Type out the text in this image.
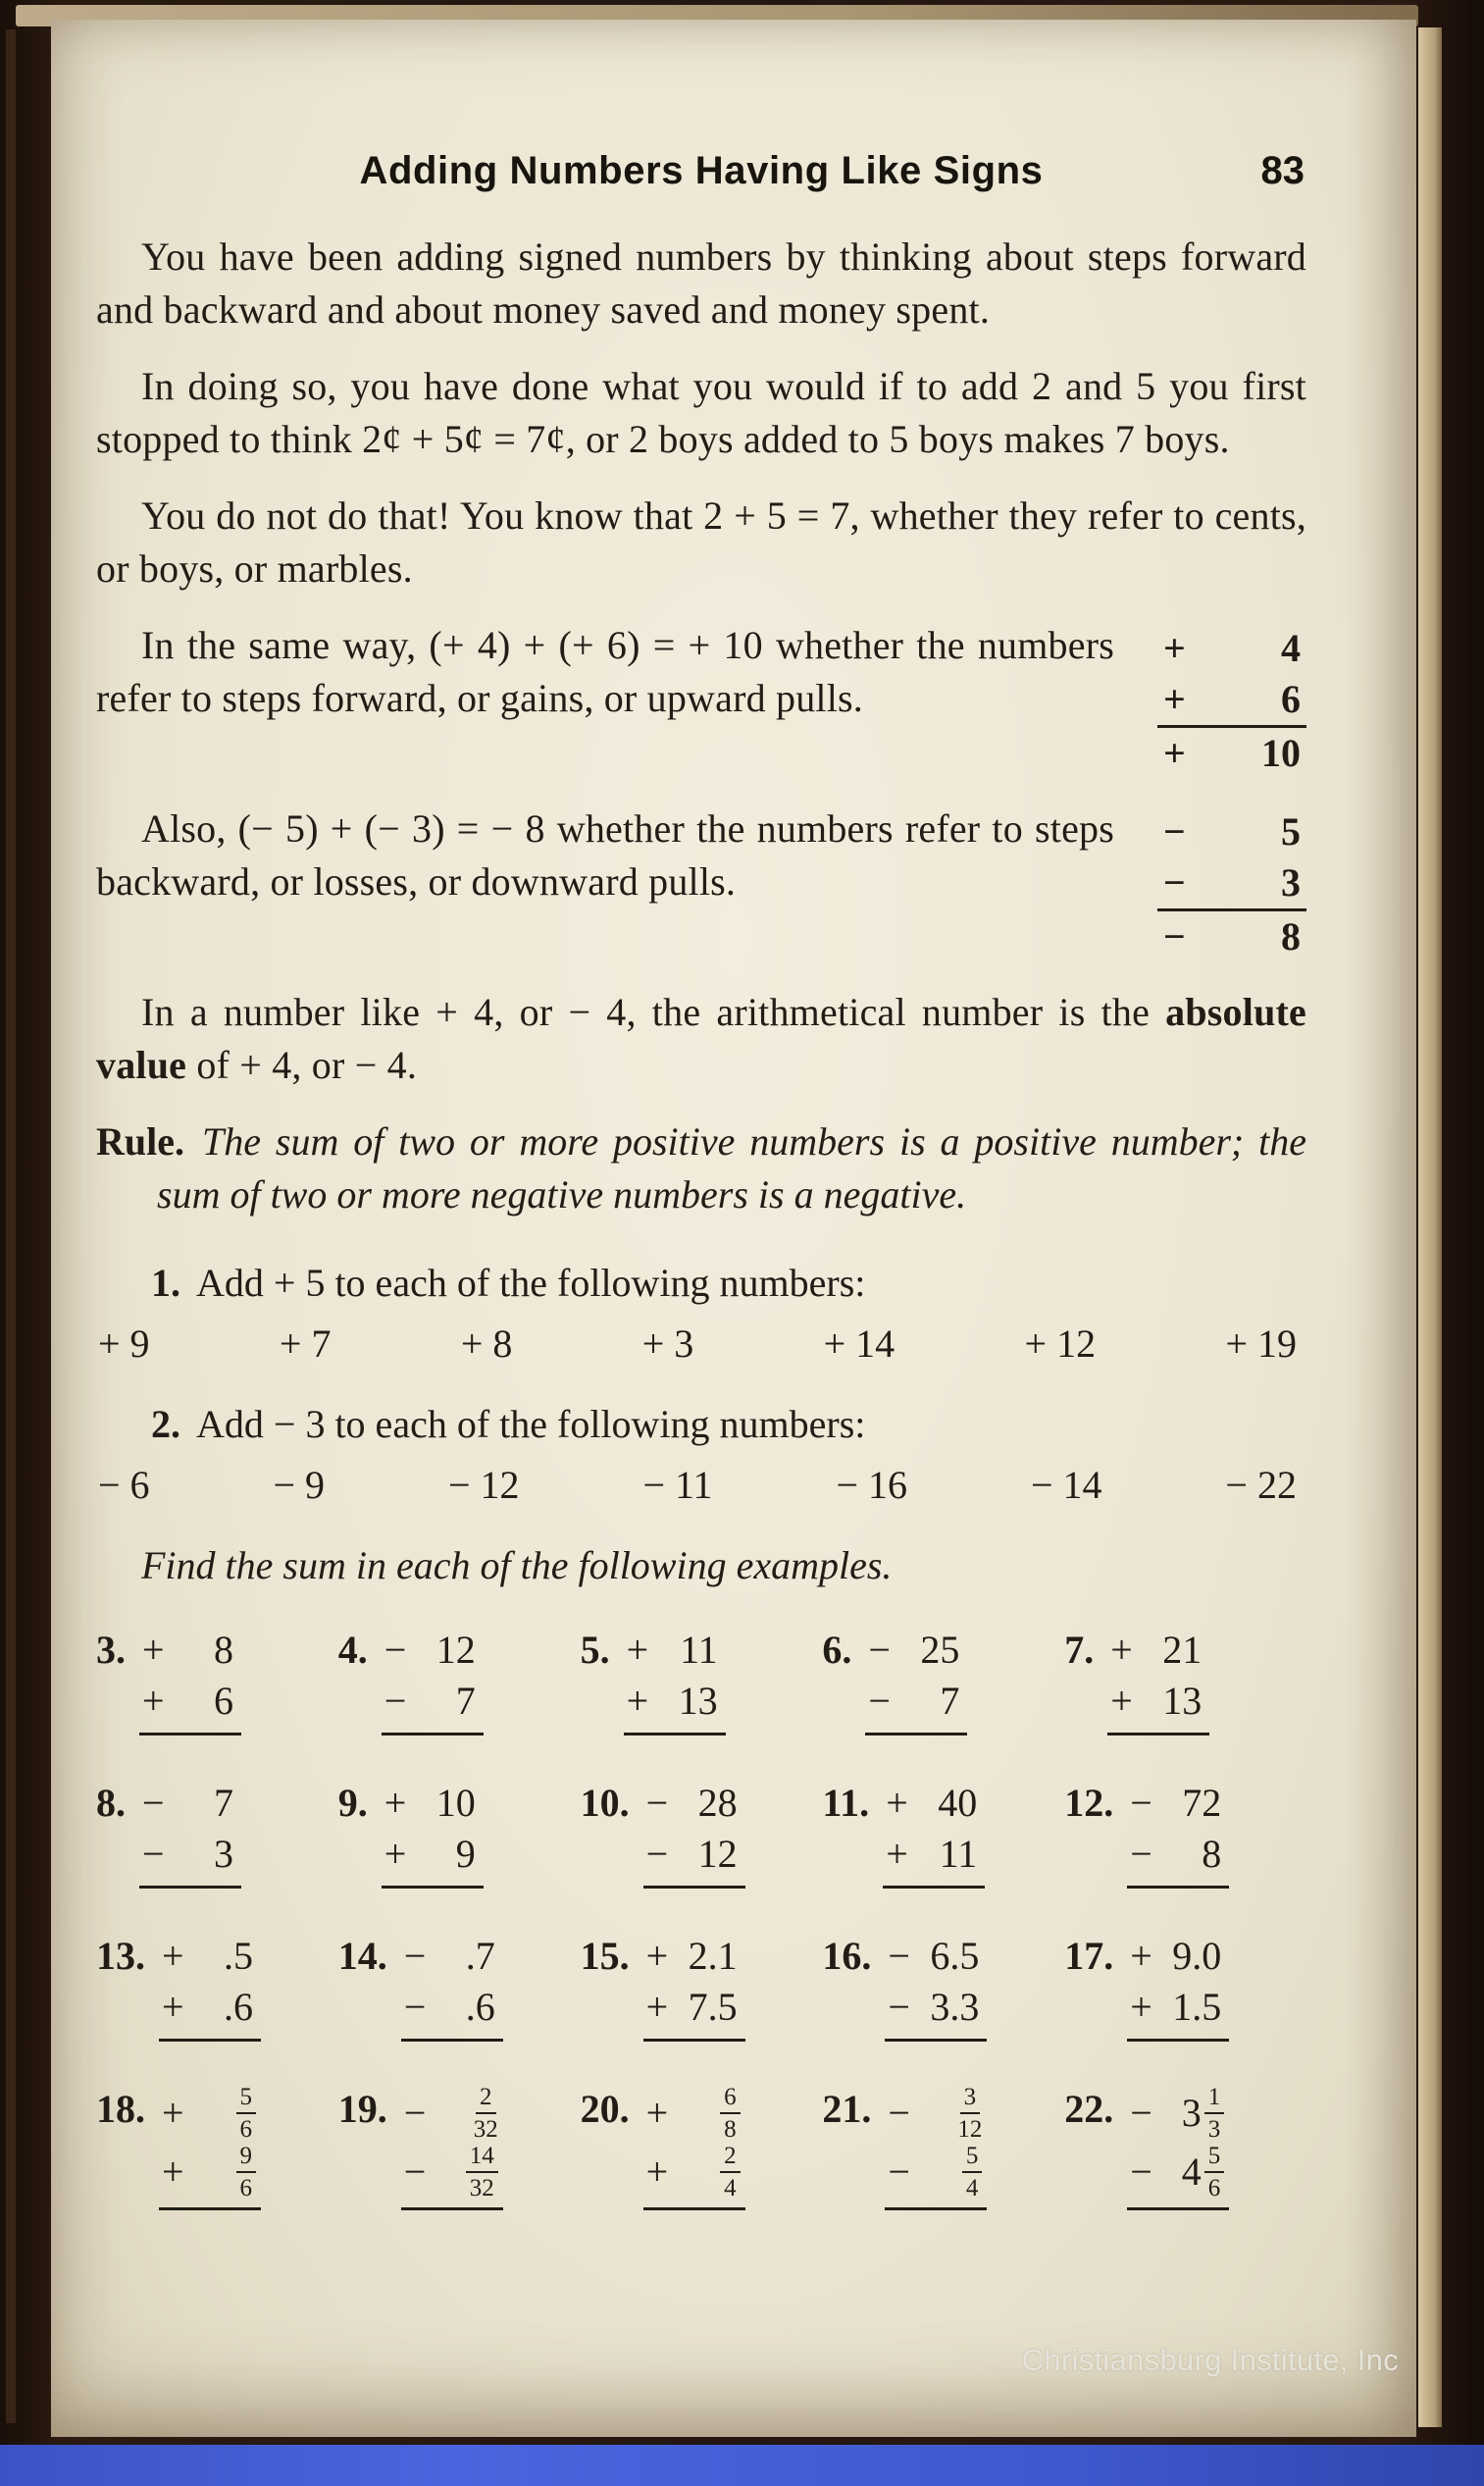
Adding Numbers Having Like Signs	83

You have been adding signed numbers by thinking about steps forward and backward and about money saved and money spent.

In doing so, you have done what you would if to add 2 and 5 you first stopped to think 2¢ + 5¢ = 7¢, or 2 boys added to 5 boys makes 7 boys.

You do not do that! You know that 2 + 5 = 7, whether they refer to cents, or boys, or marbles.

In the same way, (+ 4) + (+ 6) = + 10 whether the numbers refer to steps forward, or gains, or upward pulls.

+ 4
+ 6
+ 10

Also, (− 5) + (− 3) = − 8 whether the numbers refer to steps backward, or losses, or downward pulls.

− 5
− 3
− 8

In a number like + 4, or − 4, the arithmetical number is the absolute value of + 4, or − 4.

Rule. The sum of two or more positive numbers is a positive number; the sum of two or more negative numbers is a negative.
1. Add + 5 to each of the following numbers:
+ 9	+ 7	+ 8	+ 3	+ 14	+ 12	+ 19
2. Add − 3 to each of the following numbers:
− 6	− 9	− 12	− 11	− 16	− 14	− 22

Find the sum in each of the following examples.

3. + 8
+ 6
4. − 12
− 7
5. + 11
+ 13
6. − 25
− 7
7. + 21
+ 13
8. − 7
− 3
9. + 10
+ 9
10. − 28
− 12
11. + 40
+ 11
12. − 72
− 8
13. + .5
+ .6
14. − .7
− .6
15. + 2.1
+ 7.5
16. − 6.5
− 3.3
17. + 9.0
+ 1.5
18. + $\frac{5}{6}$
+ $\frac{9}{6}$
19. − $\frac{2}{32}$
− $\frac{14}{32}$
20. + $\frac{6}{8}$
+ $\frac{2}{4}$
21. − $\frac{3}{12}$
− $\frac{5}{4}$
22. − $3 \frac{1}{3}$
− $4 \frac{5}{6}$
Christiansburg Institute, Inc
